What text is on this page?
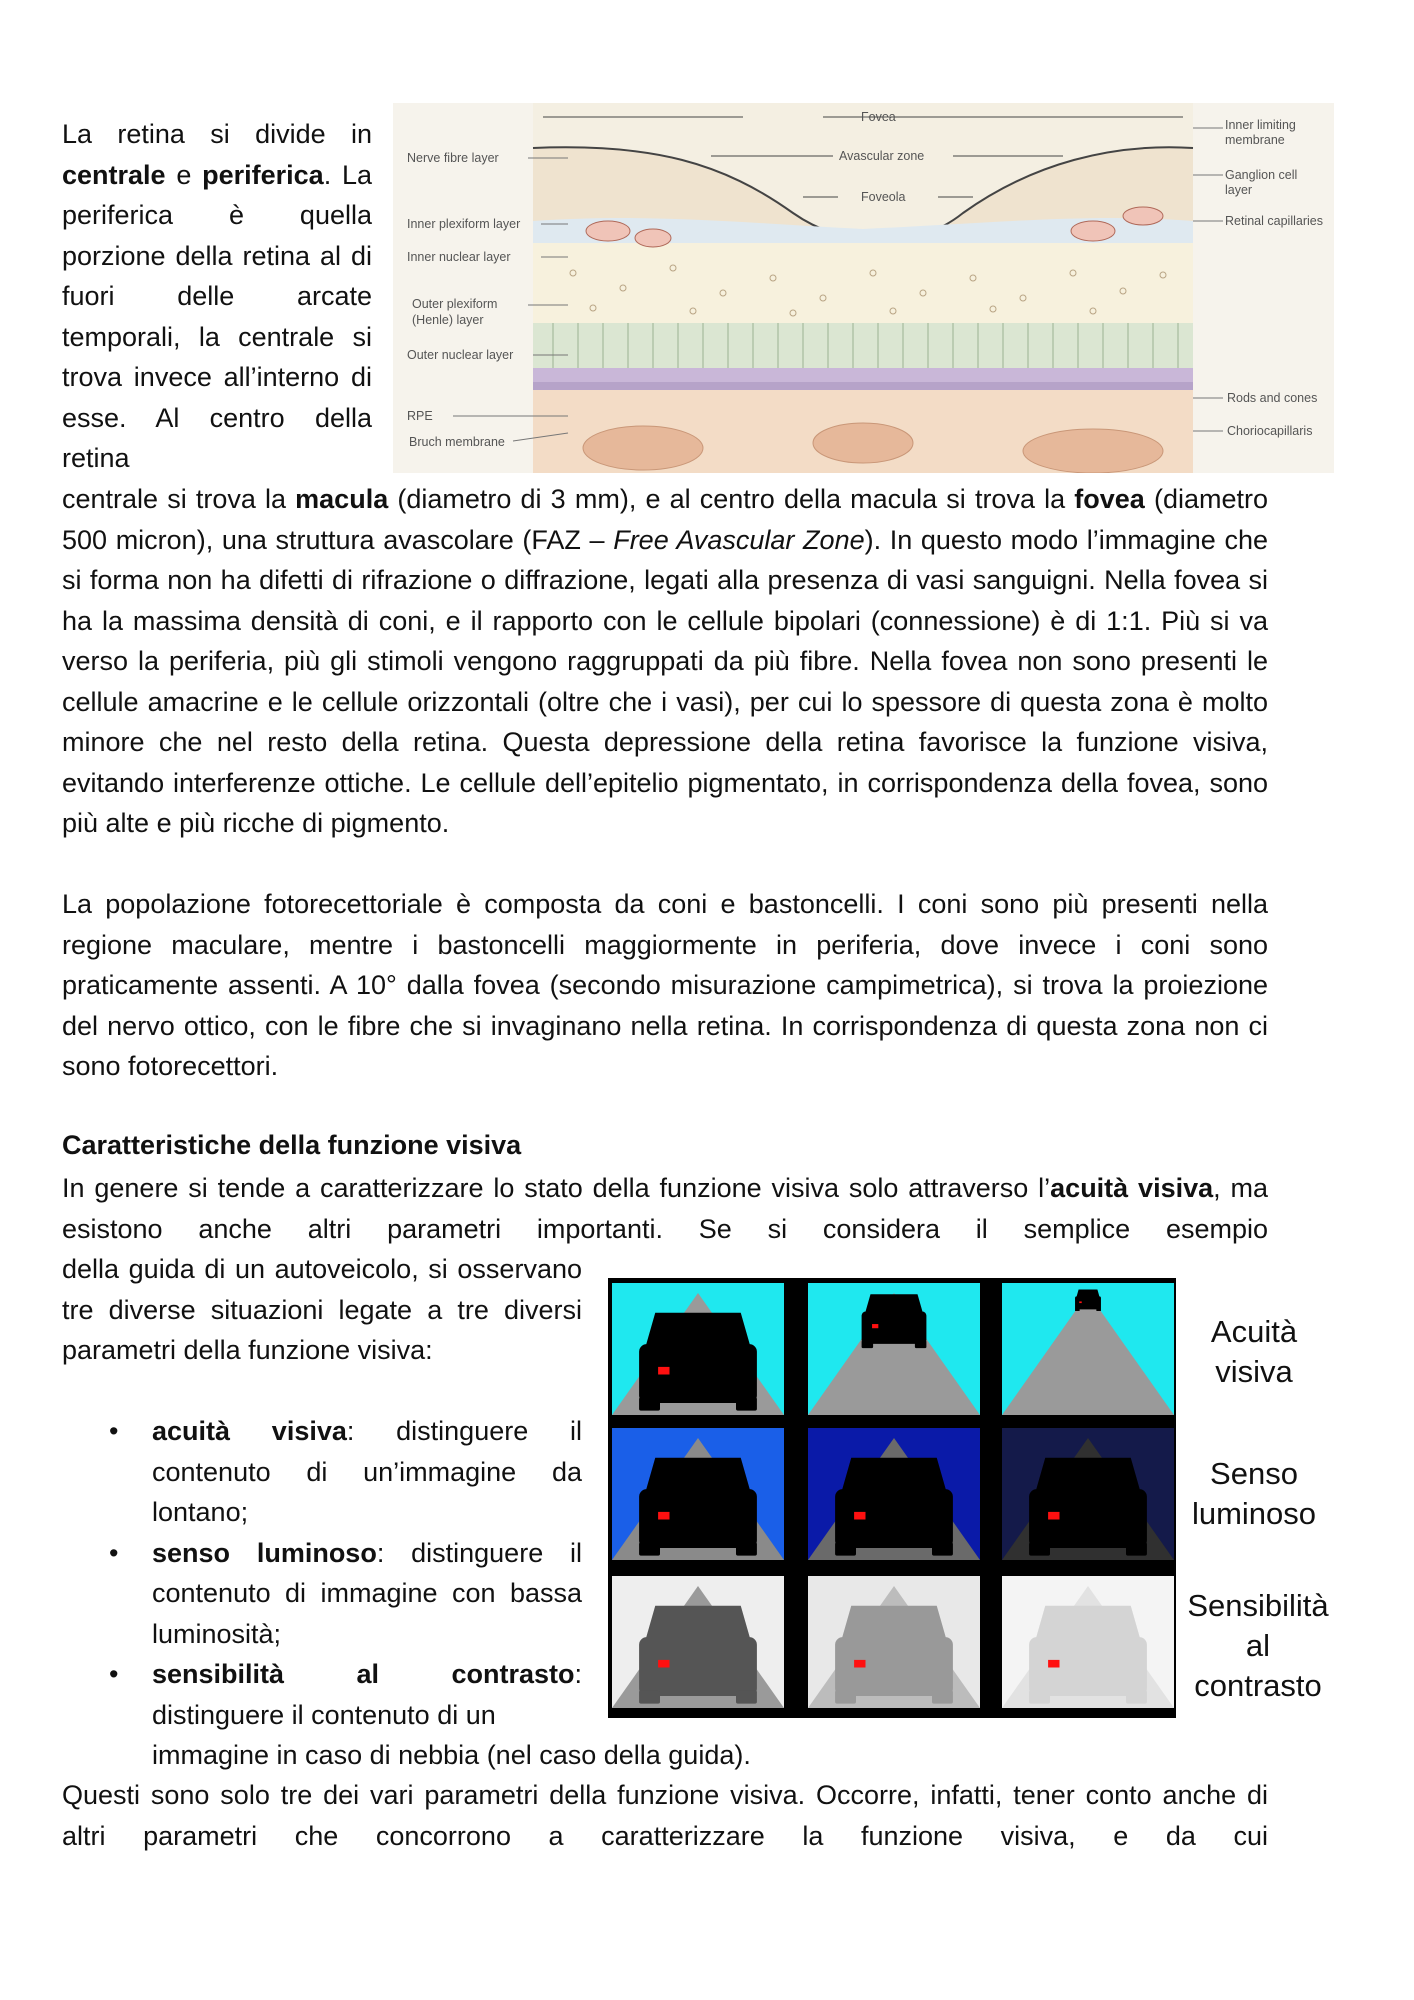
La retina si divide in centrale e periferica. La periferica è quella porzione della retina al di fuori delle arcate temporali, la centrale si trova invece all’interno di esse. Al centro della retina

Nerve fibre layer
Inner plexiform layer
Inner nuclear layer
Outer plexiform
(Henle) layer
Outer nuclear layer
RPE
Bruch membrane
Inner limiting
membrane
Ganglion cell
layer
Retinal capillaries
Rods and cones
Choriocapillaris
Fovea
Avascular zone
Foveola

centrale si trova la macula (diametro di 3 mm), e al centro della macula si trova la fovea (diametro 500 micron), una struttura avascolare (FAZ – Free Avascular Zone). In questo modo l’immagine che si forma non ha difetti di rifrazione o diffrazione, legati alla presenza di vasi sanguigni. Nella fovea si ha la massima densità di coni, e il rapporto con le cellule bipolari (connessione) è di 1:1. Più si va verso la periferia, più gli stimoli vengono raggruppati da più fibre. Nella fovea non sono presenti le cellule amacrine e le cellule orizzontali (oltre che i vasi), per cui lo spessore di questa zona è molto minore che nel resto della retina. Questa depressione della retina favorisce la funzione visiva, evitando interferenze ottiche. Le cellule dell’epitelio pigmentato, in corrispondenza della fovea, sono più alte e più ricche di pigmento.

La popolazione fotorecettoriale è composta da coni e bastoncelli. I coni sono più presenti nella regione maculare, mentre i bastoncelli maggiormente in periferia, dove invece i coni sono praticamente assenti. A 10° dalla fovea (secondo misurazione campimetrica), si trova la proiezione del nervo ottico, con le fibre che si invaginano nella retina. In corrispondenza di questa zona non ci sono fotorecettori.

Caratteristiche della funzione visiva

In genere si tende a caratterizzare lo stato della funzione visiva solo attraverso l’acuità visiva, ma esistono anche altri parametri importanti. Se si considera il semplice esempio

della guida di un autoveicolo, si osservano tre diverse situazioni legate a tre diversi parametri della funzione visiva:

• acuità visiva: distinguere il contenuto di un’immagine da lontano;
• senso luminoso: distinguere il contenuto di immagine con bassa luminosità;
• sensibilità al contrasto: distinguere il contenuto di un

immagine in caso di nebbia (nel caso della guida).

Acuità
visiva
Senso
luminoso
Sensibilità
al
contrasto

Questi sono solo tre dei vari parametri della funzione visiva. Occorre, infatti, tener conto anche di altri parametri che concorrono a caratterizzare la funzione visiva, e da cui
